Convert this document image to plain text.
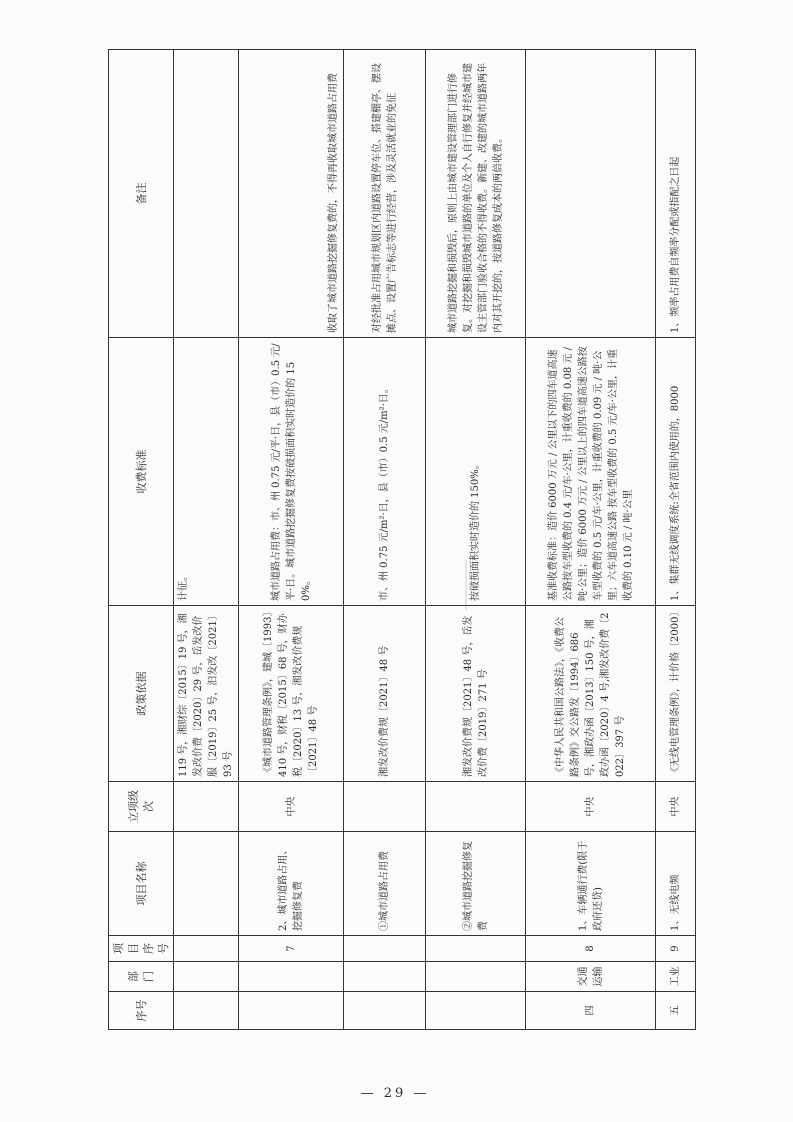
序号	部门	项目序号	项目名称	立项级次	政策依据	收费标准	备注
					119 号，湘财综〔2015〕19 号，湘发改价费〔2020〕29 号，岳发改价服〔2019〕25 号，汨发改〔2021〕93 号	计征。	
		7	2、城市道路占用、挖掘修复费	中央	《城市道路管理条例》，建城〔1993〕410 号，财税〔2015〕68 号，财办税〔2020〕13 号，湘发改价费规〔2021〕48 号	城市道路占用费：市、州 0.75 元/平·日，县（市）0.5 元/平·日。城市道路挖掘修复费按破损面积实时造价的 150%。	收取了城市道路挖掘修复费的，不得再收取城市道路占用费
			①城市道路占用费		湘发改价费规〔2021〕48 号	市、州 0.75 元/m²·日，县（市）0.5 元/m²·日。	对经批准占用城市规划区内道路设置停车位、搭建棚亭、摆设摊点、设置广告标志等进行经营，涉及灵活就业的免征
			②城市道路挖掘修复费		湘发改价费规〔2021〕48 号，岳发改价费〔2019〕271 号	按破损面积实时造价的 150%。	城市道路挖掘和损毁后，原则上由城市建设管理部门进行修复。对挖掘和损毁城市道路的单位及个人自行修复并经城市建设主管部门验收合格的不得收费。新建、改建的城市道路两年内对其开挖的，按道路修复成本的两倍收费。
四	交通运输	8	1、车辆通行费(限于政府还贷)	中央	《中华人民共和国公路法》，《收费公路条例》交公路发〔1994〕686 号，湘政办函〔2013〕150 号，湘政办函〔2020〕4 号,湘发改价费〔2022〕397 号	基准收费标准：造价 6000 万元 / 公里以下的四车道高速公路按车型收费的 0.4 元/车·公里，计重收费的 0.08 元 / 吨·公里；造价 6000 万元 / 公里以上的四车道高速公路按车型收费的 0.5 元/车·公里，计重收费的 0.09 元 / 吨·公里；六车道高速公路 按车型收费的 0.5 元/车·公里，计重收费的 0.10 元 / 吨·公里	
五	工业	9	1、无线电频	中央	《无线电管理条例》，计价格〔2000〕	1、集群无线调度系统:全省范围内使用的，8000	1、频率占用费自频率分配或指配之日起
— 29 —
